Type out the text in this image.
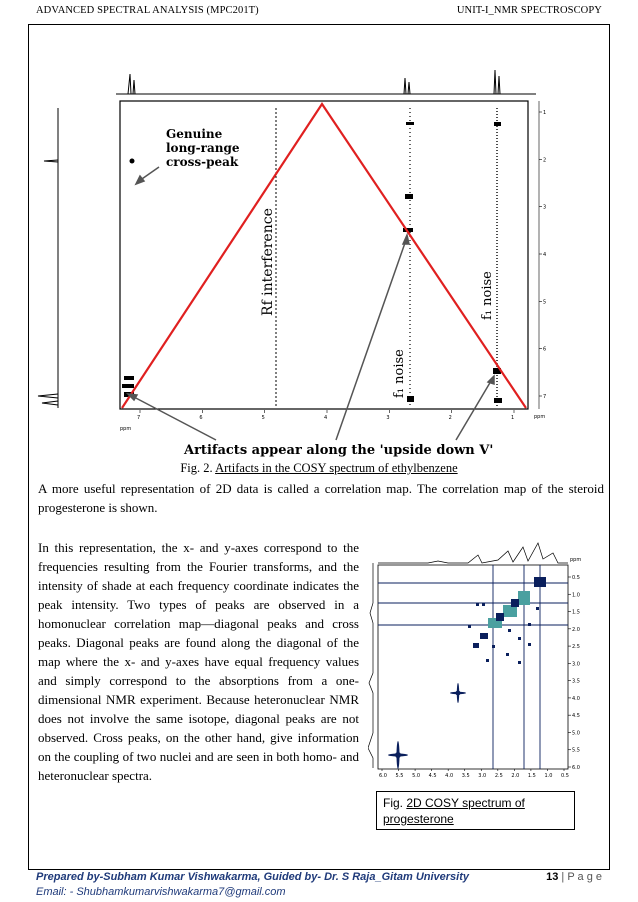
ADVANCED SPECTRAL ANALYSIS (MPC201T)	UNIT-I_NMR SPECTROSCOPY
1
2
3
4
5
6
7
ppm
7	6	5	4	3	2	1
ppm
Genuine
long-range
cross-peak
Rf interference
f₁ noise
f₁ noise
Artifacts appear along the 'upside down V'
Fig. 2. Artifacts in the COSY spectrum of ethylbenzene
A more useful representation of 2D data is called a correlation map. The correlation map of the steroid progesterone is shown.
In this representation, the x- and y-axes correspond to the frequencies resulting from the Fourier transforms, and the intensity of shade at each frequency coordinate indicates the peak intensity. Two types of peaks are observed in a homonuclear correlation map—diagonal peaks and cross peaks. Diagonal peaks are found along the diagonal of the map where the x- and y-axes have equal frequency values and simply correspond to the absorptions from a one-dimensional NMR experiment. Because heteronuclear NMR does not involve the same isotope, diagonal peaks are not observed. Cross peaks, on the other hand, give information on the coupling of two nuclei and are seen in both homo- and heteronuclear spectra.
0.5
1.0
1.5
2.0
2.5
3.0
3.5
4.0
4.5
5.0
5.5
6.0
ppm
6.0 5.5 5.0 4.5 4.0 3.5 3.0 2.5 2.0 1.5 1.0 0.5
Fig. 2D COSY spectrum of progesterone
Prepared by-Subham Kumar Vishwakarma, Guided by- Dr. S Raja_Gitam University	13 | P a g e
Email: - Shubhamkumarvishwakarma7@gmail.com
